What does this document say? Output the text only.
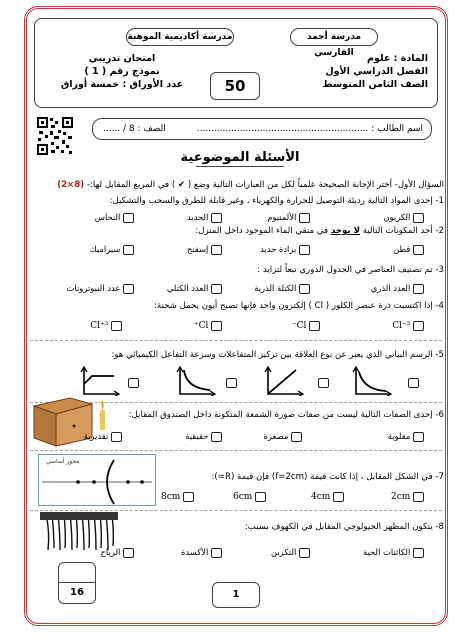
مدرسة أحمد الفارسي
مدرسة أكاديمية الموهبة
المادة : علوم
الفصل الدراسي الأول
الصف الثامن المتوسط
امتحان تدريبي
نموذج رقم ( 1 )
عدد الأوراق : خمسة أوراق	50
اسم الطالب : ............................................................
الصف : 8 / ......
الأسئلة الموضوعية
السؤال الأول- أختر الإجابة الصحيحة علمياً لكل من العبارات التالية وضع ( ✔ ) في المربع المقابل لها:- (8×2)
1- إحدى المواد التالية رديئة التوصيل للحرارة والكهرباء ، وغير قابلة للطرق والسحب والتشكيل:
الكربون
الألمنيوم
الحديد
النحاس
2- أحد المكونات التالية لا يوجد في منقي الماء الموجود داخل المنزل:
قطن
برادة حديد
إسفنج
سيراميك
3- تم تصنيف العناصر في الجدول الدوري تبعاً لتزايد :
العدد الذري
الكتلة الذرية
العدد الكتلي
عدد النيوترونات
4- إذا اكتسبت ذرة عنصر الكلور ( Cl ) إلكترون واحد فإنها تصبح أيون يحمل شحنة:
Cl⁻²
Cl⁻
Cl⁺
Cl⁺²
5- الرسم البياني الذي يعبر عن نوع العلاقة بين تركيز المتفاعلات وسرعة التفاعل الكيميائي هو:
6- إحدى الصفات التالية ليست من صفات صورة الشمعة المتكونة داخل الصندوق المقابل:
مقلوبة
مصغرة
حقيقية
تقديرية
محور أساسي
7- في الشكل المقابل ، إذا كانت قيمة (f=2cm) فإن قيمة (R=):
2cm
4cm
6cm
8cm
8- يتكون المظهر الجيولوجي المقابل في الكهوف بسبب:
الكائنات الحية
التكربن
الأكسدة
الرياح
1
16
